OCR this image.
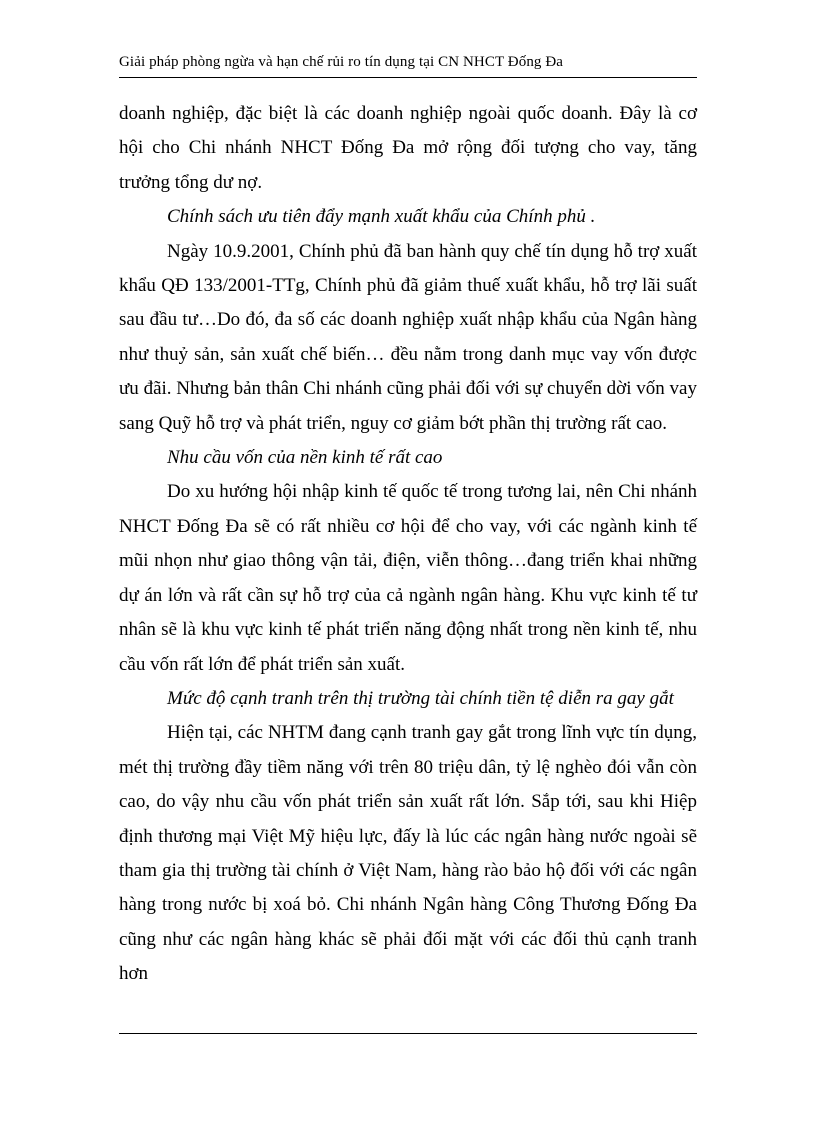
Giải pháp phòng ngừa và hạn chế rủi ro tín dụng tại CN NHCT Đống Đa

doanh nghiệp, đặc biệt là các doanh nghiệp ngoài quốc doanh. Đây là cơ hội cho Chi nhánh NHCT Đống Đa mở rộng đối tượng cho vay, tăng trưởng tổng dư nợ.

Chính sách ưu tiên đẩy mạnh xuất khẩu của Chính phủ .

Ngày 10.9.2001, Chính phủ đã ban hành quy chế tín dụng hỗ trợ xuất khẩu QĐ 133/2001-TTg, Chính phủ đã giảm thuế xuất khẩu, hỗ trợ lãi suất sau đầu tư…Do đó, đa số các doanh nghiệp xuất nhập khẩu của Ngân hàng như thuỷ sản, sản xuất chế biến… đều nằm trong danh mục vay vốn được ưu đãi. Nhưng bản thân Chi nhánh cũng phải đối với sự chuyển dời vốn vay sang Quỹ hỗ trợ và phát triển, nguy cơ giảm bớt phần thị trường rất cao.

Nhu cầu vốn của nền kinh tế rất cao

Do xu hướng hội nhập kinh tế quốc tế trong tương lai, nên Chi nhánh NHCT Đống Đa sẽ có rất nhiều cơ hội để cho vay, với các ngành kinh tế mũi nhọn như giao thông vận tải, điện, viễn thông…đang triển khai những dự án lớn và rất cần sự hỗ trợ của cả ngành ngân hàng. Khu vực kinh tế tư nhân sẽ là khu vực kinh tế phát triển năng động nhất trong nền kinh tế, nhu cầu vốn rất lớn để phát triển sản xuất.

Mức độ cạnh tranh trên thị trường tài chính tiền tệ diễn ra gay gắt

Hiện tại, các NHTM đang cạnh tranh gay gắt trong lĩnh vực tín dụng, mét thị trường đầy tiềm năng với trên 80 triệu dân, tỷ lệ nghèo đói vẫn còn cao, do vậy nhu cầu vốn phát triển sản xuất rất lớn. Sắp tới, sau khi Hiệp định thương mại Việt Mỹ hiệu lực, đấy là lúc các ngân hàng nước ngoài sẽ tham gia thị trường tài chính ở Việt Nam, hàng rào bảo hộ đối với các ngân hàng trong nước bị xoá bỏ. Chi nhánh Ngân hàng Công Thương Đống Đa cũng như các ngân hàng khác sẽ phải đối mặt với các đối thủ cạnh tranh hơn
